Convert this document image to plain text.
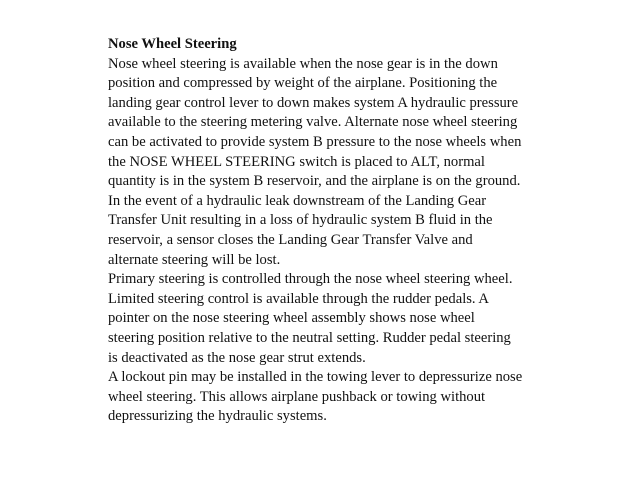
Nose Wheel Steering
Nose wheel steering is available when the nose gear is in the down
position and compressed by weight of the airplane. Positioning the
landing gear control lever to down makes system A hydraulic pressure
available to the steering metering valve. Alternate nose wheel steering
can be activated to provide system B pressure to the nose wheels when
the NOSE WHEEL STEERING switch is placed to ALT, normal
quantity is in the system B reservoir, and the airplane is on the ground.
In the event of a hydraulic leak downstream of the Landing Gear
Transfer Unit resulting in a loss of hydraulic system B fluid in the
reservoir, a sensor closes the Landing Gear Transfer Valve and
alternate steering will be lost.
Primary steering is controlled through the nose wheel steering wheel.
Limited steering control is available through the rudder pedals. A
pointer on the nose steering wheel assembly shows nose wheel
steering position relative to the neutral setting. Rudder pedal steering
is deactivated as the nose gear strut extends.
A lockout pin may be installed in the towing lever to depressurize nose
wheel steering. This allows airplane pushback or towing without
depressurizing the hydraulic systems.
